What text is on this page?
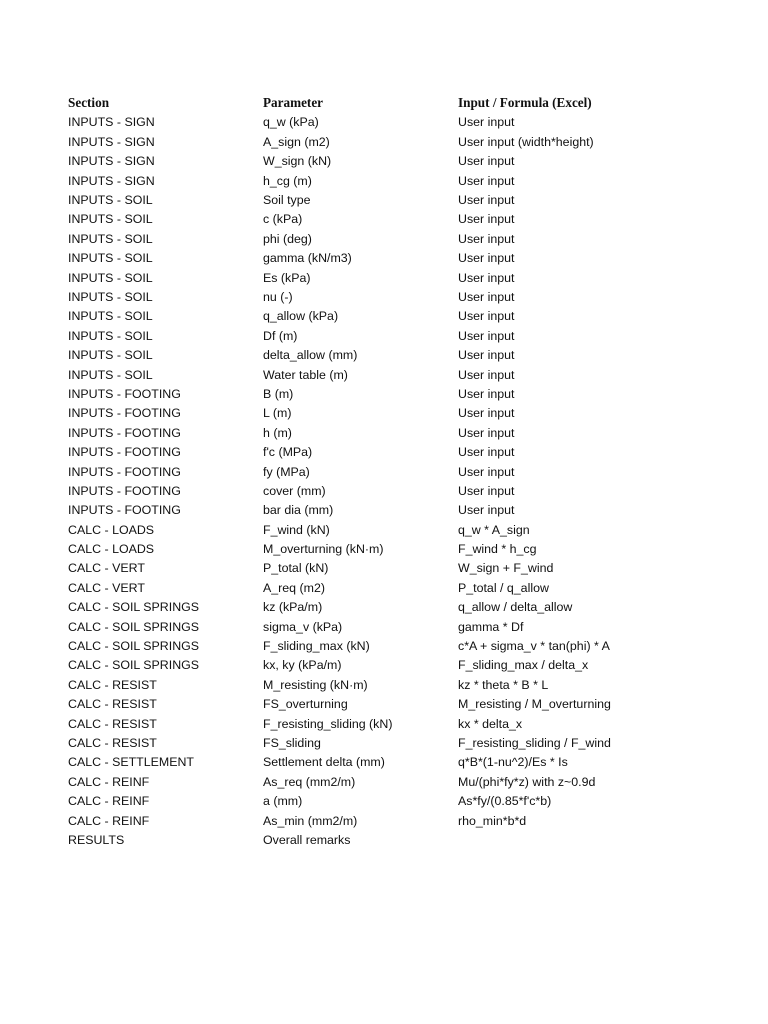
Section	Parameter	Input / Formula (Excel)
INPUTS - SIGN	q_w (kPa)	User input
INPUTS - SIGN	A_sign (m2)	User input (width*height)
INPUTS - SIGN	W_sign (kN)	User input
INPUTS - SIGN	h_cg (m)	User input
INPUTS - SOIL	Soil type	User input
INPUTS - SOIL	c (kPa)	User input
INPUTS - SOIL	phi (deg)	User input
INPUTS - SOIL	gamma (kN/m3)	User input
INPUTS - SOIL	Es (kPa)	User input
INPUTS - SOIL	nu (-)	User input
INPUTS - SOIL	q_allow (kPa)	User input
INPUTS - SOIL	Df (m)	User input
INPUTS - SOIL	delta_allow (mm)	User input
INPUTS - SOIL	Water table (m)	User input
INPUTS - FOOTING	B (m)	User input
INPUTS - FOOTING	L (m)	User input
INPUTS - FOOTING	h (m)	User input
INPUTS - FOOTING	f'c (MPa)	User input
INPUTS - FOOTING	fy (MPa)	User input
INPUTS - FOOTING	cover (mm)	User input
INPUTS - FOOTING	bar dia (mm)	User input
CALC - LOADS	F_wind (kN)	q_w * A_sign
CALC - LOADS	M_overturning (kN·m)	F_wind * h_cg
CALC - VERT	P_total (kN)	W_sign + F_wind
CALC - VERT	A_req (m2)	P_total / q_allow
CALC - SOIL SPRINGS	kz (kPa/m)	q_allow / delta_allow
CALC - SOIL SPRINGS	sigma_v (kPa)	gamma * Df
CALC - SOIL SPRINGS	F_sliding_max (kN)	c*A + sigma_v * tan(phi) * A
CALC - SOIL SPRINGS	kx, ky (kPa/m)	F_sliding_max / delta_x
CALC - RESIST	M_resisting (kN·m)	kz * theta * B * L
CALC - RESIST	FS_overturning	M_resisting / M_overturning
CALC - RESIST	F_resisting_sliding (kN)	kx * delta_x
CALC - RESIST	FS_sliding	F_resisting_sliding / F_wind
CALC - SETTLEMENT	Settlement delta (mm)	q*B*(1-nu^2)/Es * Is
CALC - REINF	As_req (mm2/m)	Mu/(phi*fy*z) with z~0.9d
CALC - REINF	a (mm)	As*fy/(0.85*f'c*b)
CALC - REINF	As_min (mm2/m)	rho_min*b*d
RESULTS	Overall remarks
